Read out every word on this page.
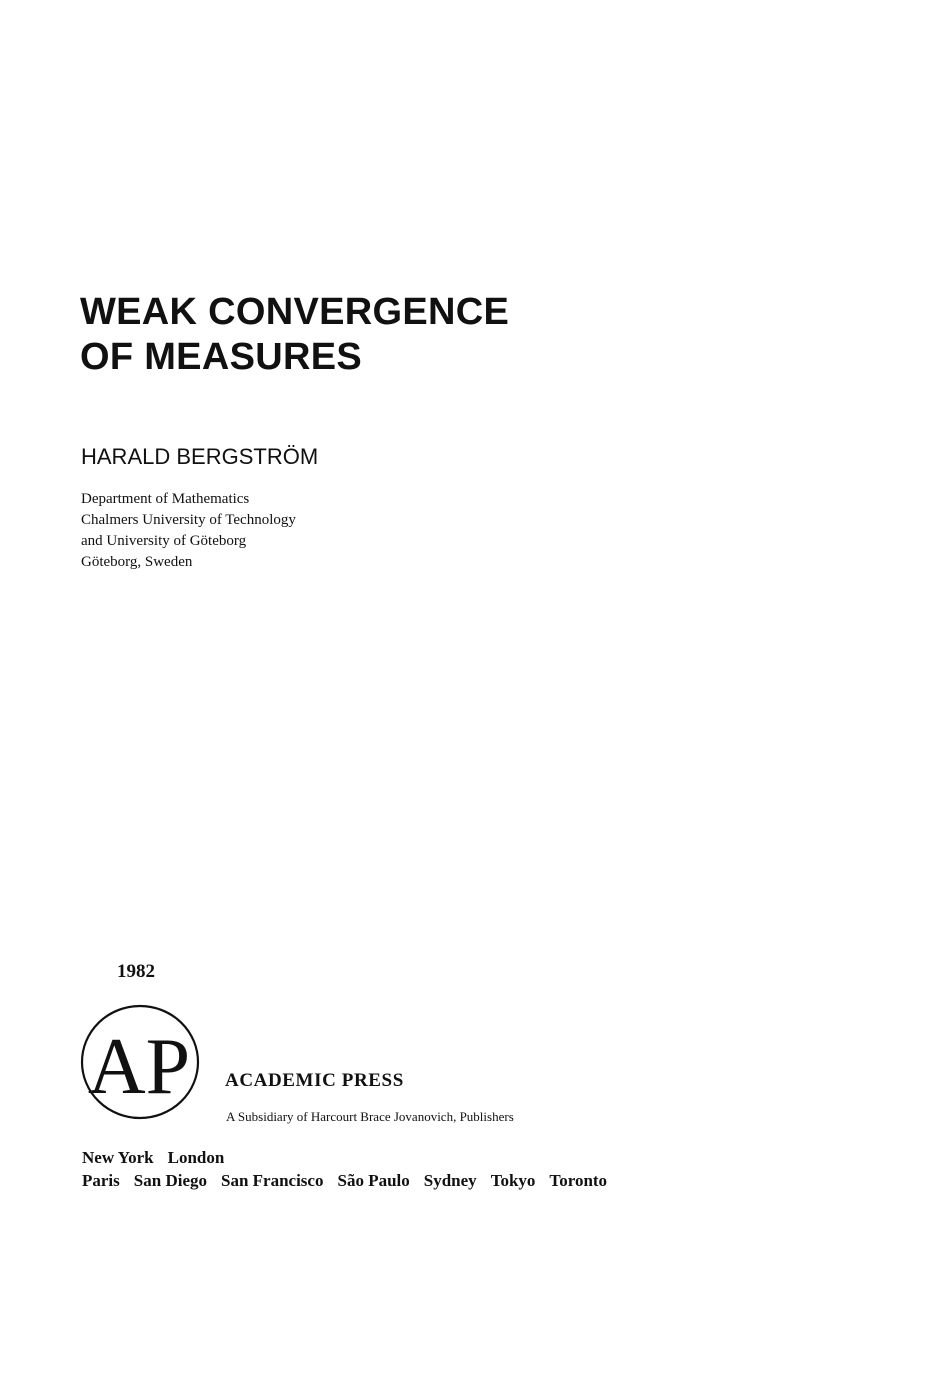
WEAK CONVERGENCE
OF MEASURES
HARALD BERGSTRÖM
Department of Mathematics
Chalmers University of Technology
and University of Göteborg
Göteborg, Sweden
1982
AP ACADEMIC PRESS
A Subsidiary of Harcourt Brace Jovanovich, Publishers
New York London
Paris San Diego San Francisco São Paulo Sydney Tokyo Toronto
